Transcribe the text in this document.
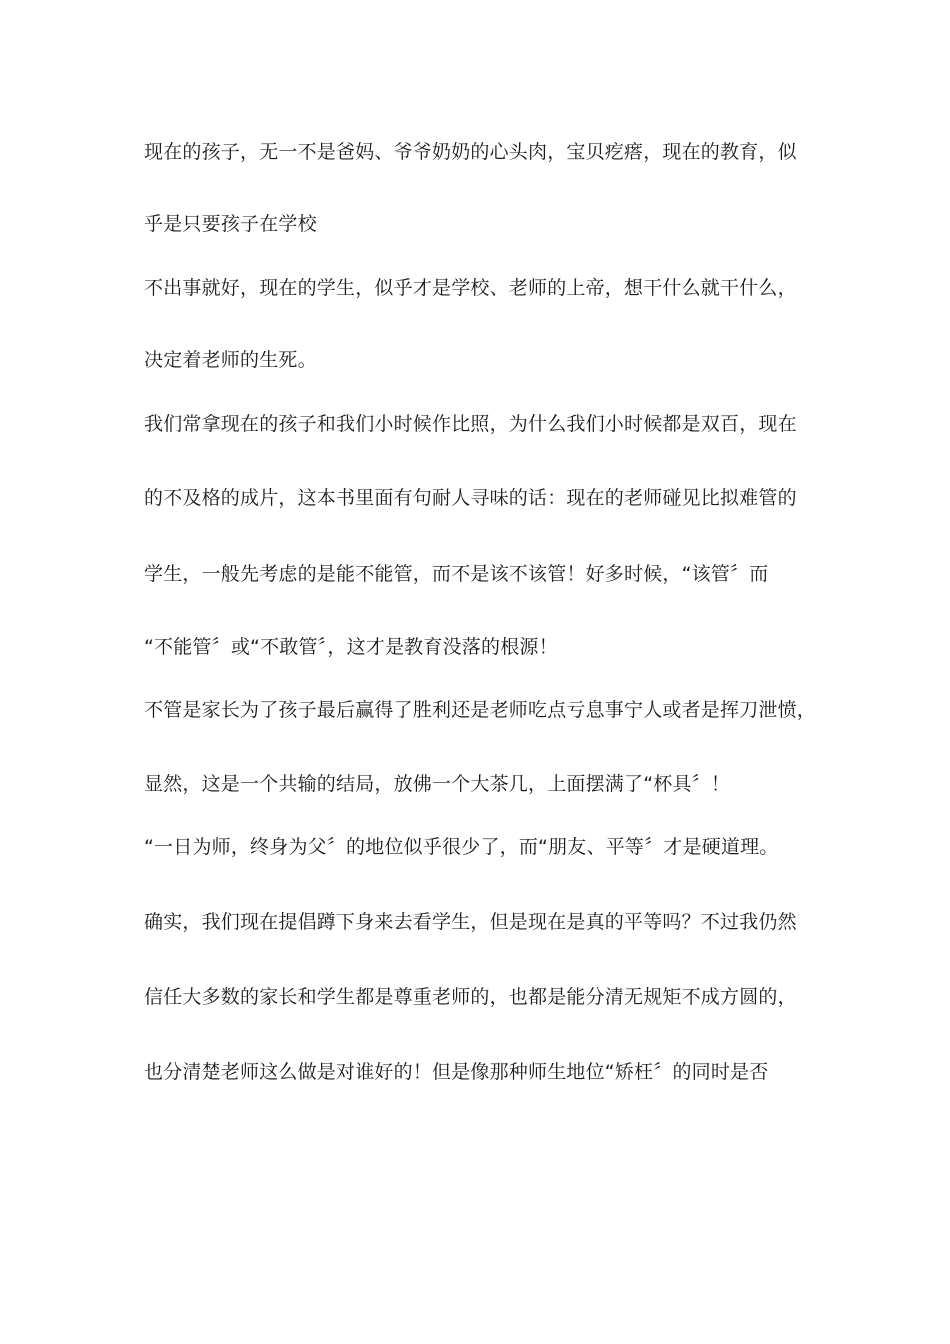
现在的孩子，无一不是爸妈、爷爷奶奶的心头肉，宝贝疙瘩，现在的教育，似

乎是只要孩子在学校

不出事就好，现在的学生，似乎才是学校、老师的上帝，想干什么就干什么，

决定着老师的生死。

我们常拿现在的孩子和我们小时候作比照，为什么我们小时候都是双百，现在

的不及格的成片，这本书里面有句耐人寻味的话：现在的老师碰见比拟难管的

学生，一般先考虑的是能不能管，而不是该不该管！好多时候，“该管〞而

“不能管〞或“不敢管〞，这才是教育没落的根源！

不管是家长为了孩子最后赢得了胜利还是老师吃点亏息事宁人或者是挥刀泄愤，

显然，这是一个共输的结局，放佛一个大茶几，上面摆满了“杯具〞！

“一日为师，终身为父〞的地位似乎很少了，而“朋友、平等〞才是硬道理。

确实，我们现在提倡蹲下身来去看学生，但是现在是真的平等吗？不过我仍然

信任大多数的家长和学生都是尊重老师的，也都是能分清无规矩不成方圆的，

也分清楚老师这么做是对谁好的！但是像那种师生地位“矫枉〞的同时是否
